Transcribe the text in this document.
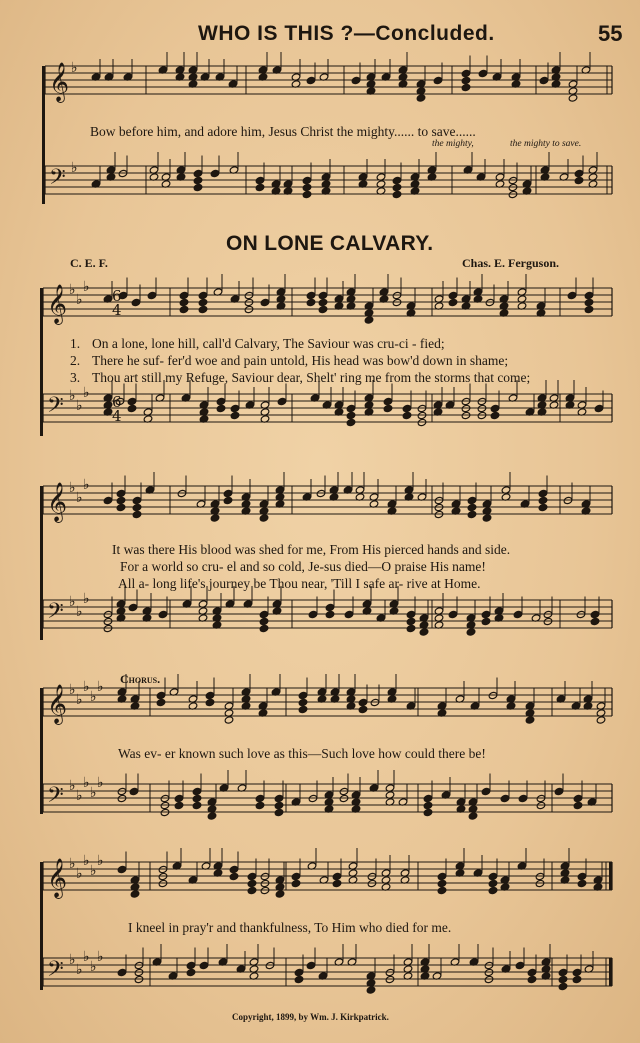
𝄞 ♭
𝄢 ♭
𝄞 ♭
♭
♭
𝄢 ♭
♭
♭
6
4
6
4
𝄞 ♭
♭
♭
𝄢 ♭
♭
♭
𝄞 ♭
♭
♭
♭
♭
𝄢 ♭
♭
♭
♭
♭
𝄞 ♭
♭
♭
♭
♭
𝄢 ♭
♭
♭
♭
♭
WHO IS THIS ?—Concluded.	55
Bow before him, and adore him, Jesus Christ the mighty...... to save......
the mighty,	the mighty to save.
ON LONE CALVARY.
C. E. F.	Chas. E. Ferguson.
1. On a lone, lone hill, call'd Calvary, The Saviour was cru-ci - fied;
2. There he suf- fer'd woe and pain untold, His head was bow'd down in shame;
3. Thou art still my Refuge, Saviour dear, Shelt' ring me from the storms that come;
It was there His blood was shed for me, From His pierced hands and side.
For a world so cru- el and so cold, Je-sus died—O praise His name!
All a- long life's journey be Thou near, 'Till I safe ar- rive at Home.
Chorus.
Was ev- er known such love as this—Such love how could there be!
I kneel in pray'r and thankfulness, To Him who died for me.
Copyright, 1899, by Wm. J. Kirkpatrick.
